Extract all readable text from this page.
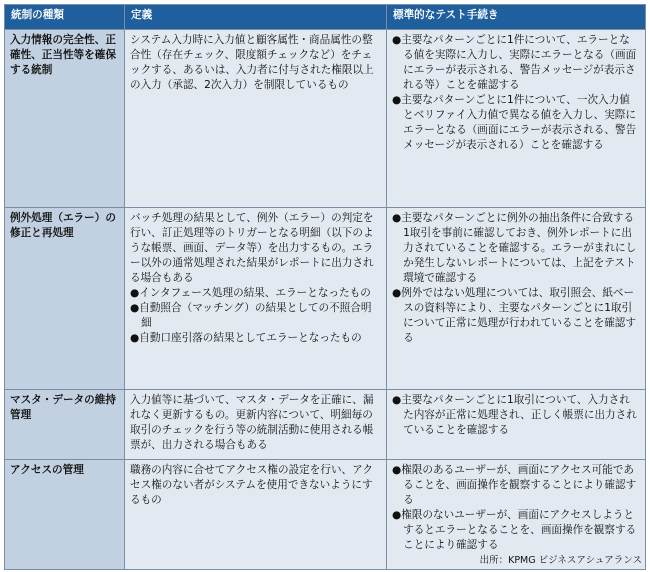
統制の種類	定義	標準的なテスト手続き
入力情報の完全性、正確性、正当性等を確保する統制	システム入力時に入力値と顧客属性・商品属性の整合性（存在チェック、限度額チェックなど）をチェックする、あるいは、入力者に付与された権限以上の入力（承認、2次入力）を制限しているもの	● 主要なパターンごとに1件について、エラーとなる値を実際に入力し、実際にエラーとなる（画面にエラーが表示される、警告メッセージが表示される等）ことを確認する
● 主要なパターンごとに1件について、一次入力値とベリファイ入力値で異なる値を入力し、実際にエラーとなる（画面にエラーが表示される、警告メッセージが表示される）ことを確認する

例外処理（エラー）の修正と再処理	バッチ処理の結果として、例外（エラー）の判定を行い、訂正処理等のトリガーとなる明細（以下のような帳票、画面、データ等）を出力するもの。エラー以外の通常処理された結果がレポートに出力される場合もある
● インタフェース処理の結果、エラーとなったもの
● 自動照合（マッチング）の結果としての不照合明細
● 自動口座引落の結果としてエラーとなったもの	● 主要なパターンごとに例外の抽出条件に合致する1取引を事前に確認しておき、例外レポートに出力されていることを確認する。エラーがまれにしか発生しないレポートについては、上記をテスト環境で確認する
● 例外ではない処理については、取引照会、紙ベースの資料等により、主要なパターンごとに1取引について正常に処理が行われていることを確認する

マスタ・データの維持管理	入力値等に基づいて、マスタ・データを正確に、漏れなく更新するもの。更新内容について、明細毎の取引のチェックを行う等の統制活動に使用される帳票が、出力される場合もある	● 主要なパターンごとに1取引について、入力された内容が正常に処理され、正しく帳票に出力されていることを確認する

アクセスの管理	職務の内容に合せてアクセス権の設定を行い、アクセス権のない者がシステムを使用できないようにするもの	● 権限のあるユーザーが、画面にアクセス可能であることを、画面操作を観察することにより確認する
● 権限のないユーザーが、画面にアクセスしようとするとエラーとなることを、画面操作を観察することにより確認する
出所：KPMG ビジネスアシュアランス
